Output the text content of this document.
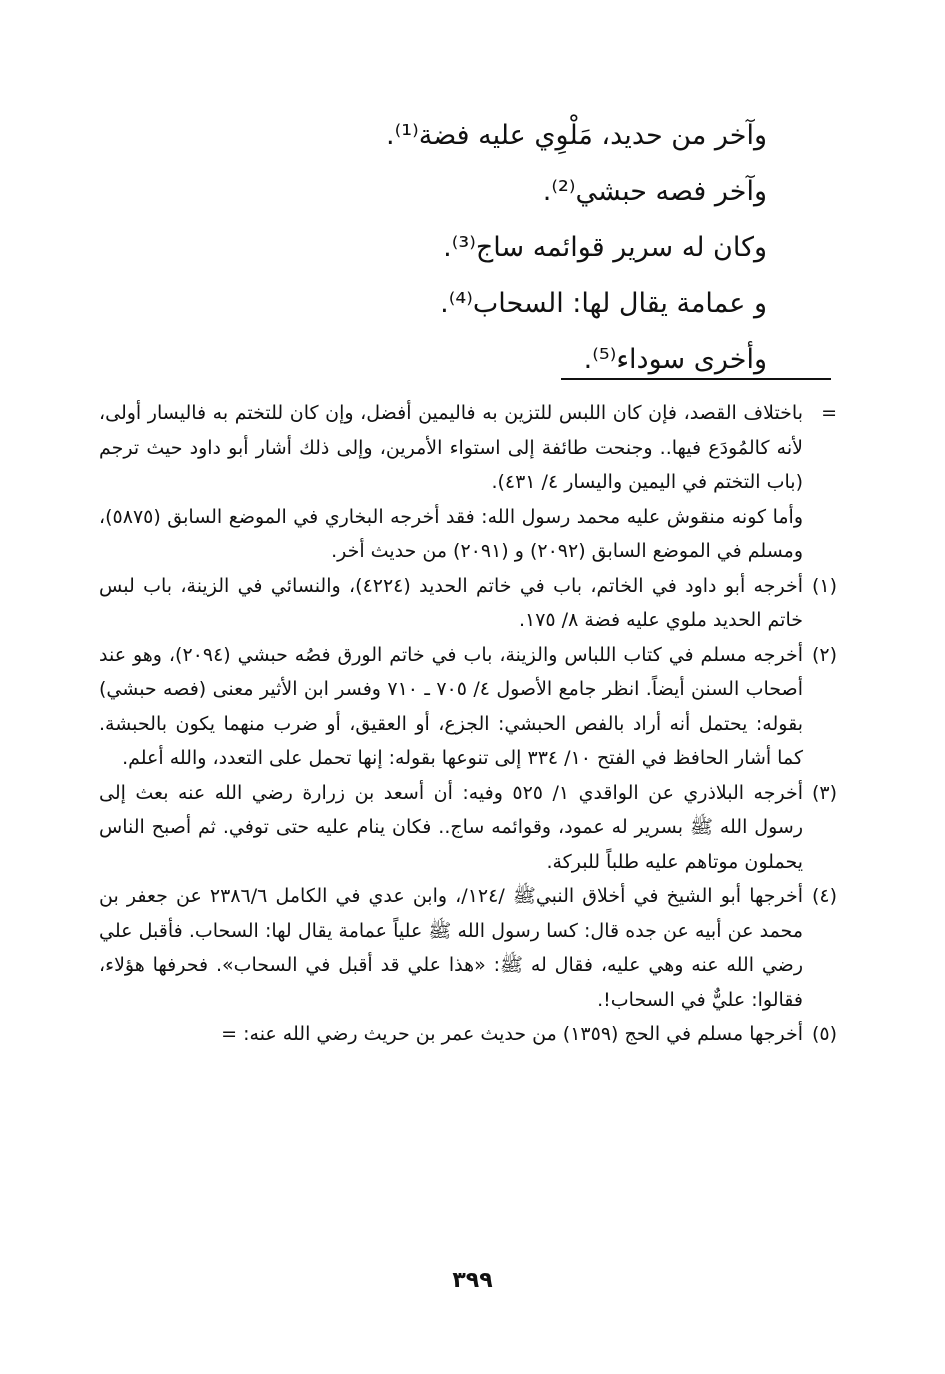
وآخر من حديد، مَلْوِي عليه فضة⁽¹⁾.
وآخر فصه حبشي⁽²⁾.
وكان له سرير قوائمه ساج⁽³⁾.
و عمامة يقال لها: السحاب⁽⁴⁾.
وأخرى سوداء⁽⁵⁾.
=

باختلاف القصد، فإن كان اللبس للتزين به فاليمين أفضل، وإن كان للتختم به فاليسار أولى، لأنه كالمُودَع فيها.. وجنحت طائفة إلى استواء الأمرين، وإلى ذلك أشار أبو داود حيث ترجم (باب التختم في اليمين واليسار ٤/ ٤٣١).

وأما كونه منقوش عليه محمد رسول الله: فقد أخرجه البخاري في الموضع السابق (٥٨٧٥)، ومسلم في الموضع السابق (٢٠٩٢) و (٢٠٩١) من حديث أخر.

(١)
أخرجه أبو داود في الخاتم، باب في خاتم الحديد (٤٢٢٤)، والنسائي في الزينة، باب لبس خاتم الحديد ملوي عليه فضة ٨/ ١٧٥.
(٢)
أخرجه مسلم في كتاب اللباس والزينة، باب في خاتم الورق فصُه حبشي (٢٠٩٤)، وهو عند أصحاب السنن أيضاً. انظر جامع الأصول ٤/ ٧٠٥ ـ ٧١٠ وفسر ابن الأثير معنى (فصه حبشي) بقوله: يحتمل أنه أراد بالفص الحبشي: الجزع، أو العقيق، أو ضرب منهما يكون بالحبشة. كما أشار الحافظ في الفتح ١٠/ ٣٣٤ إلى تنوعها بقوله: إنها تحمل على التعدد، والله أعلم.
(٣)
أخرجه البلاذري عن الواقدي ١/ ٥٢٥ وفيه: أن أسعد بن زرارة رضي الله عنه بعث إلى رسول الله ﷺ بسرير له عمود، وقوائمه ساج.. فكان ينام عليه حتى توفي. ثم أصبح الناس يحملون موتاهم عليه طلباً للبركة.
(٤)
أخرجها أبو الشيخ في أخلاق النبيﷺ /١٢٤/، وابن عدي في الكامل ٢٣٨٦/٦ عن جعفر بن محمد عن أبيه عن جده قال: كسا رسول الله ﷺ علياً عمامة يقال لها: السحاب. فأقبل علي رضي الله عنه وهي عليه، فقال له ﷺ: «هذا علي قد أقبل في السحاب». فحرفها هؤلاء، فقالوا: عليٌّ في السحاب!.
(٥)
أخرجها مسلم في الحج (١٣٥٩) من حديث عمر بن حريث رضي الله عنه: =
٣٩٩
